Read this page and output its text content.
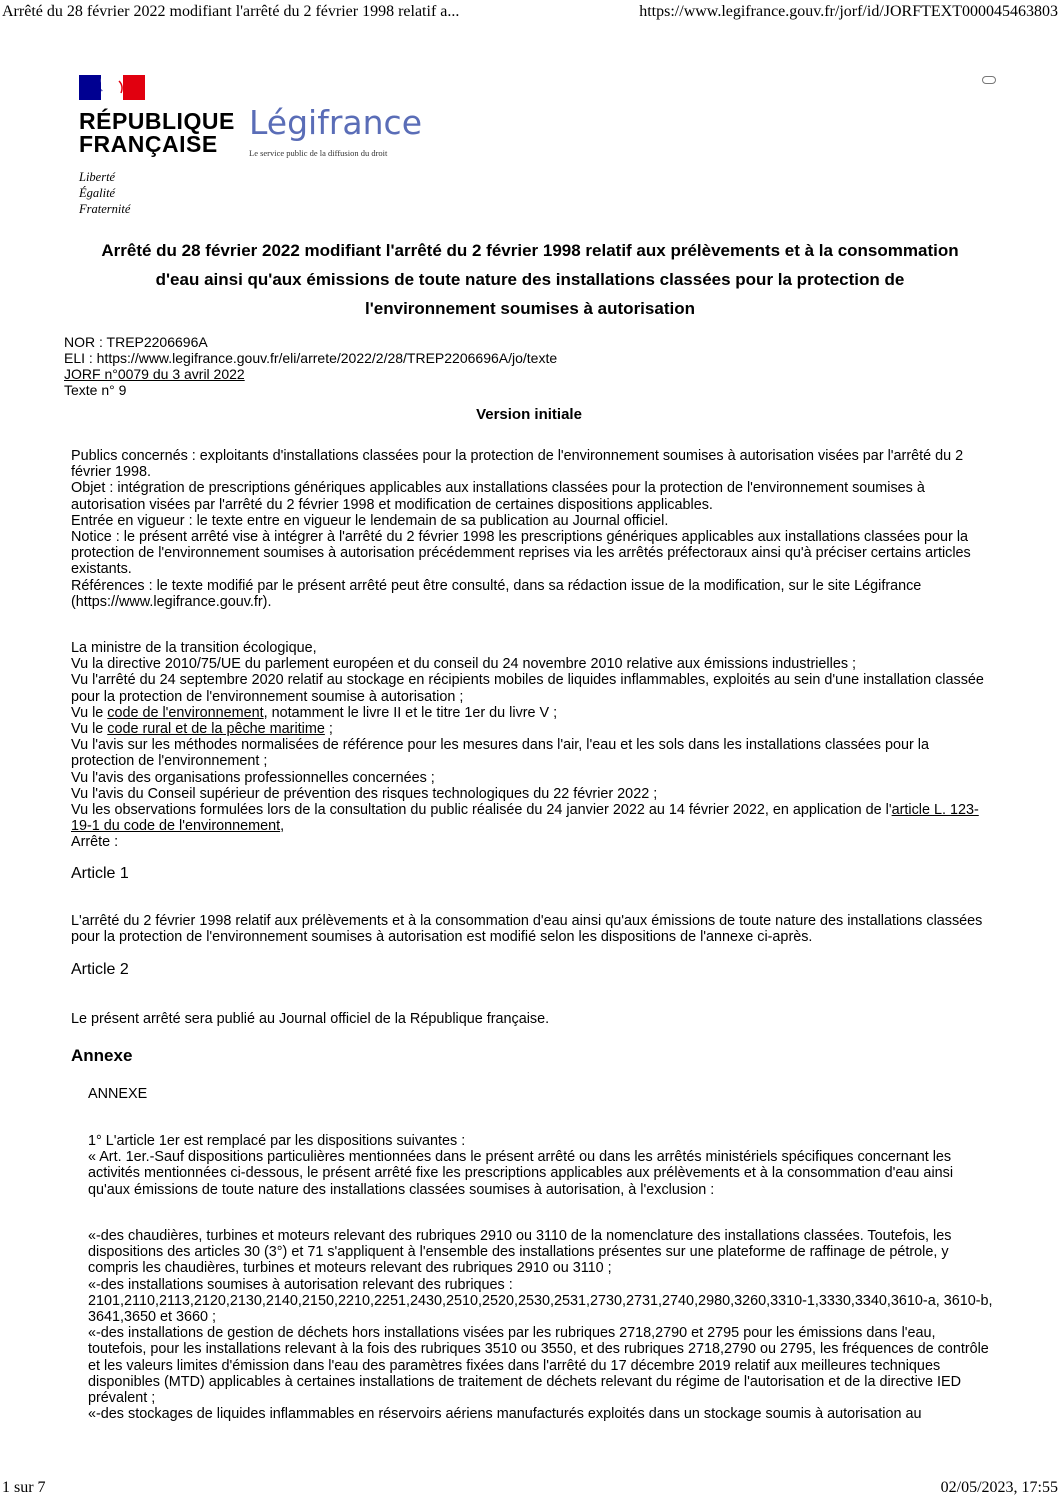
Arrêté du 28 février 2022 modifiant l'arrêté du 2 février 1998 relatif a...	https://www.legifrance.gouv.fr/jorf/id/JORFTEXT000045463803
RÉPUBLIQUE
FRANÇAISE
Liberté
Égalité
Fraternité
Légifrance
Le service public de la diffusion du droit
Arrêté du 28 février 2022 modifiant l'arrêté du 2 février 1998 relatif aux prélèvements et à la consommation d'eau ainsi qu'aux émissions de toute nature des installations classées pour la protection de l'environnement soumises à autorisation
NOR : TREP2206696A
ELI : https://www.legifrance.gouv.fr/eli/arrete/2022/2/28/TREP2206696A/jo/texte
JORF n°0079 du 3 avril 2022
Texte n° 9
Version initiale
Publics concernés : exploitants d'installations classées pour la protection de l'environnement soumises à autorisation visées par l'arrêté du 2 février 1998.
Objet : intégration de prescriptions génériques applicables aux installations classées pour la protection de l'environnement soumises à autorisation visées par l'arrêté du 2 février 1998 et modification de certaines dispositions applicables.
Entrée en vigueur : le texte entre en vigueur le lendemain de sa publication au Journal officiel.
Notice : le présent arrêté vise à intégrer à l'arrêté du 2 février 1998 les prescriptions génériques applicables aux installations classées pour la protection de l'environnement soumises à autorisation précédemment reprises via les arrêtés préfectoraux ainsi qu'à préciser certains articles existants.
Références : le texte modifié par le présent arrêté peut être consulté, dans sa rédaction issue de la modification, sur le site Légifrance (https://www.legifrance.gouv.fr).
La ministre de la transition écologique,
Vu la directive 2010/75/UE du parlement européen et du conseil du 24 novembre 2010 relative aux émissions industrielles ;
Vu l'arrêté du 24 septembre 2020 relatif au stockage en récipients mobiles de liquides inflammables, exploités au sein d'une installation classée pour la protection de l'environnement soumise à autorisation ;
Vu le code de l'environnement, notamment le livre II et le titre 1er du livre V ;
Vu le code rural et de la pêche maritime ;
Vu l'avis sur les méthodes normalisées de référence pour les mesures dans l'air, l'eau et les sols dans les installations classées pour la protection de l'environnement ;
Vu l'avis des organisations professionnelles concernées ;
Vu l'avis du Conseil supérieur de prévention des risques technologiques du 22 février 2022 ;
Vu les observations formulées lors de la consultation du public réalisée du 24 janvier 2022 au 14 février 2022, en application de l'article L. 123-19-1 du code de l'environnement,
Arrête :
Article 1
L'arrêté du 2 février 1998 relatif aux prélèvements et à la consommation d'eau ainsi qu'aux émissions de toute nature des installations classées pour la protection de l'environnement soumises à autorisation est modifié selon les dispositions de l'annexe ci-après.
Article 2
Le présent arrêté sera publié au Journal officiel de la République française.
Annexe
ANNEXE
1° L'article 1er est remplacé par les dispositions suivantes :
« Art. 1er.-Sauf dispositions particulières mentionnées dans le présent arrêté ou dans les arrêtés ministériels spécifiques concernant les activités mentionnées ci-dessous, le présent arrêté fixe les prescriptions applicables aux prélèvements et à la consommation d'eau ainsi qu'aux émissions de toute nature des installations classées soumises à autorisation, à l'exclusion :
«-des chaudières, turbines et moteurs relevant des rubriques 2910 ou 3110 de la nomenclature des installations classées. Toutefois, les dispositions des articles 30 (3°) et 71 s'appliquent à l'ensemble des installations présentes sur une plateforme de raffinage de pétrole, y compris les chaudières, turbines et moteurs relevant des rubriques 2910 ou 3110 ;
«-des installations soumises à autorisation relevant des rubriques : 2101,2110,2113,2120,2130,2140,2150,2210,2251,2430,2510,2520,2530,2531,2730,2731,2740,2980,3260,3310-1,3330,3340,3610-a, 3610-b, 3641,3650 et 3660 ;
«-des installations de gestion de déchets hors installations visées par les rubriques 2718,2790 et 2795 pour les émissions dans l'eau, toutefois, pour les installations relevant à la fois des rubriques 3510 ou 3550, et des rubriques 2718,2790 ou 2795, les fréquences de contrôle et les valeurs limites d'émission dans l'eau des paramètres fixées dans l'arrêté du 17 décembre 2019 relatif aux meilleures techniques disponibles (MTD) applicables à certaines installations de traitement de déchets relevant du régime de l'autorisation et de la directive IED prévalent ;
«-des stockages de liquides inflammables en réservoirs aériens manufacturés exploités dans un stockage soumis à autorisation au
1 sur 7	02/05/2023, 17:55
